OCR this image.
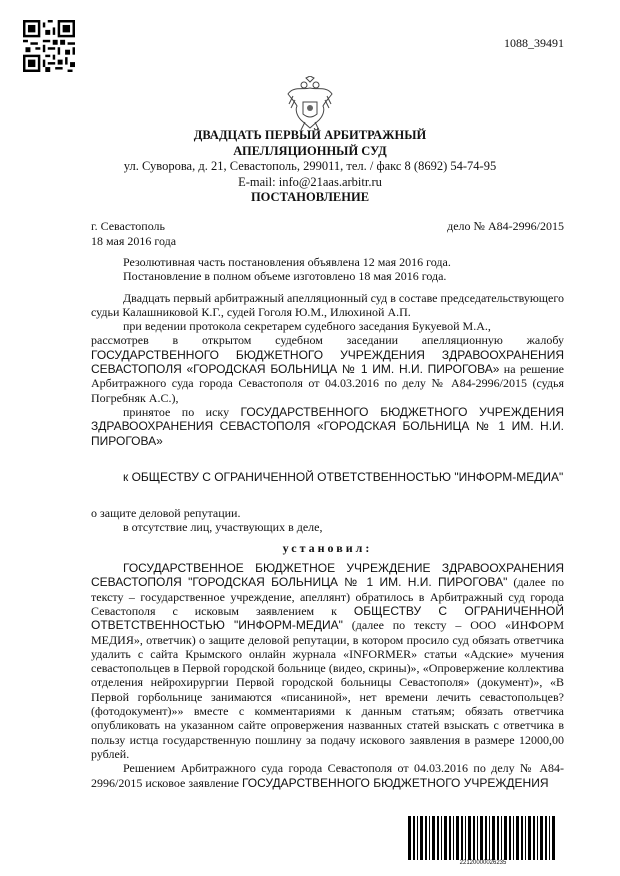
1088_39491
ДВАДЦАТЬ ПЕРВЫЙ АРБИТРАЖНЫЙ
АПЕЛЛЯЦИОННЫЙ СУД
ул. Суворова, д. 21, Севастополь, 299011, тел. / факс 8 (8692) 54-74-95
E-mail: info@21aas.arbitr.ru
ПОСТАНОВЛЕНИЕ
г. Севастополь
18 мая 2016 года
дело № А84-2996/2015
Резолютивная часть постановления объявлена 12 мая 2016 года.

Постановление в полном объеме изготовлено 18 мая 2016 года.

Двадцать первый арбитражный апелляционный суд в составе председательствующего судьи Калашниковой К.Г., судей Гоголя Ю.М., Илюхиной А.П.

при ведении протокола секретарем судебного заседания Букуевой М.А.,

рассмотрев в открытом судебном заседании апелляционную жалобу ГОСУДАРСТВЕННОГО БЮДЖЕТНОГО УЧРЕЖДЕНИЯ ЗДРАВООХРАНЕНИЯ СЕВАСТОПОЛЯ «ГОРОДСКАЯ БОЛЬНИЦА № 1 ИМ. Н.И. ПИРОГОВА» на решение Арбитражного суда города Севастополя от 04.03.2016 по делу № А84-2996/2015 (судья Погребняк А.С.),

принятое по иску ГОСУДАРСТВЕННОГО БЮДЖЕТНОГО УЧРЕЖДЕНИЯ ЗДРАВООХРАНЕНИЯ СЕВАСТОПОЛЯ «ГОРОДСКАЯ БОЛЬНИЦА № 1 ИМ. Н.И. ПИРОГОВА»

к ОБЩЕСТВУ С ОГРАНИЧЕННОЙ ОТВЕТСТВЕННОСТЬЮ "ИНФОРМ-МЕДИА"

о защите деловой репутации.

в отсутствие лиц, участвующих в деле,

установил:

ГОСУДАРСТВЕННОЕ БЮДЖЕТНОЕ УЧРЕЖДЕНИЕ ЗДРАВООХРАНЕНИЯ СЕВАСТОПОЛЯ "ГОРОДСКАЯ БОЛЬНИЦА № 1 ИМ. Н.И. ПИРОГОВА" (далее по тексту – государственное учреждение, апеллянт) обратилось в Арбитражный суд города Севастополя с исковым заявлением к ОБЩЕСТВУ С ОГРАНИЧЕННОЙ ОТВЕТСТВЕННОСТЬЮ "ИНФОРМ-МЕДИА" (далее по тексту – ООО «ИНФОРМ МЕДИЯ», ответчик) о защите деловой репутации, в котором просило суд обязать ответчика удалить с сайта Крымского онлайн журнала «INFORMER» статьи «Адские» мучения севастопольцев в Первой городской больнице (видео, скрины)», «Опровержение коллектива отделения нейрохирургии Первой городской больницы Севастополя» (документ)», «В Первой горбольнице занимаются «писаниной», нет времени лечить севастопольцев? (фотодокумент)»» вместе с комментариями к данным статьям; обязать ответчика опубликовать на указанном сайте опровержения названных статей взыскать с ответчика в пользу истца государственную пошлину за подачу искового заявления в размере 12000,00 рублей.

Решением Арбитражного суда города Севастополя от 04.03.2016 по делу № А84-2996/2015 исковое заявление ГОСУДАРСТВЕННОГО БЮДЖЕТНОГО УЧРЕЖДЕНИЯ

22120000026235
